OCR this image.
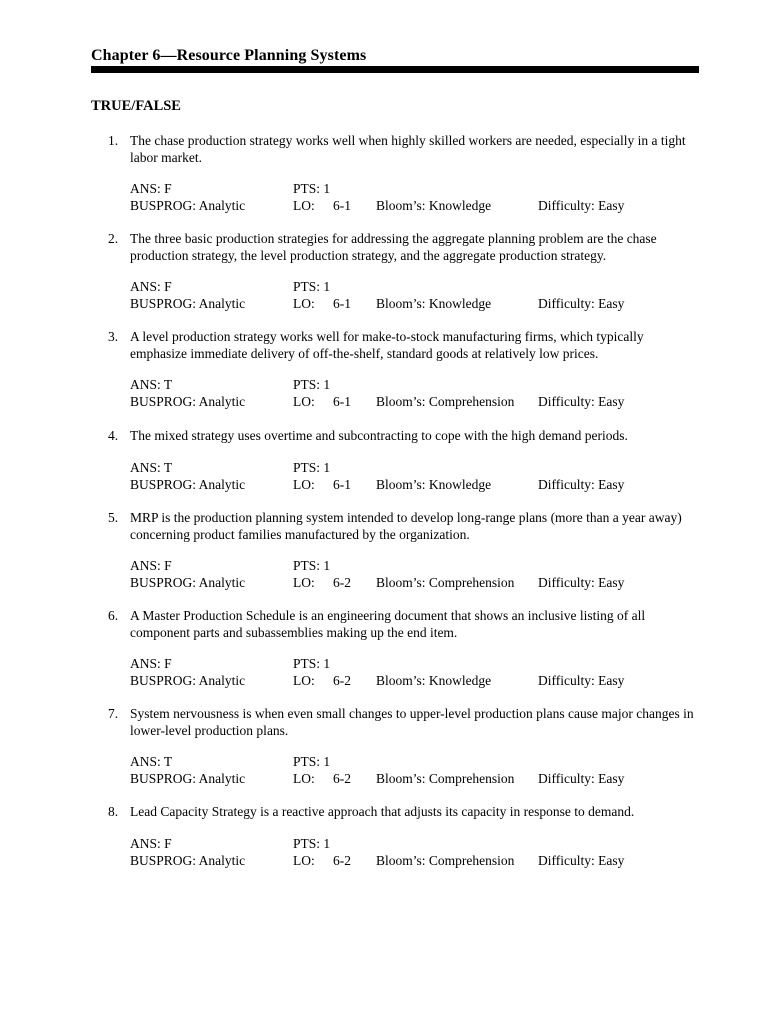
Chapter 6—Resource Planning Systems
TRUE/FALSE
1. The chase production strategy works well when highly skilled workers are needed, especially in a tight labor market.
ANS: F	PTS: 1
BUSPROG: Analytic	LO: 6-1 Bloom’s: Knowledge	Difficulty: Easy
2. The three basic production strategies for addressing the aggregate planning problem are the chase production strategy, the level production strategy, and the aggregate production strategy.
ANS: F	PTS: 1
BUSPROG: Analytic	LO: 6-1 Bloom’s: Knowledge	Difficulty: Easy
3. A level production strategy works well for make-to-stock manufacturing firms, which typically emphasize immediate delivery of off-the-shelf, standard goods at relatively low prices.
ANS: T	PTS: 1
BUSPROG: Analytic	LO: 6-1 Bloom’s: Comprehension Difficulty: Easy
4. The mixed strategy uses overtime and subcontracting to cope with the high demand periods.
ANS: T	PTS: 1
BUSPROG: Analytic	LO: 6-1 Bloom’s: Knowledge	Difficulty: Easy
5. MRP is the production planning system intended to develop long-range plans (more than a year away) concerning product families manufactured by the organization.
ANS: F	PTS: 1
BUSPROG: Analytic	LO: 6-2 Bloom’s: Comprehension Difficulty: Easy
6. A Master Production Schedule is an engineering document that shows an inclusive listing of all component parts and subassemblies making up the end item.
ANS: F	PTS: 1
BUSPROG: Analytic	LO: 6-2 Bloom’s: Knowledge	Difficulty: Easy
7. System nervousness is when even small changes to upper-level production plans cause major changes in lower-level production plans.
ANS: T	PTS: 1
BUSPROG: Analytic	LO: 6-2 Bloom’s: Comprehension Difficulty: Easy
8. Lead Capacity Strategy is a reactive approach that adjusts its capacity in response to demand.
ANS: F	PTS: 1
BUSPROG: Analytic	LO: 6-2 Bloom’s: Comprehension Difficulty: Easy
